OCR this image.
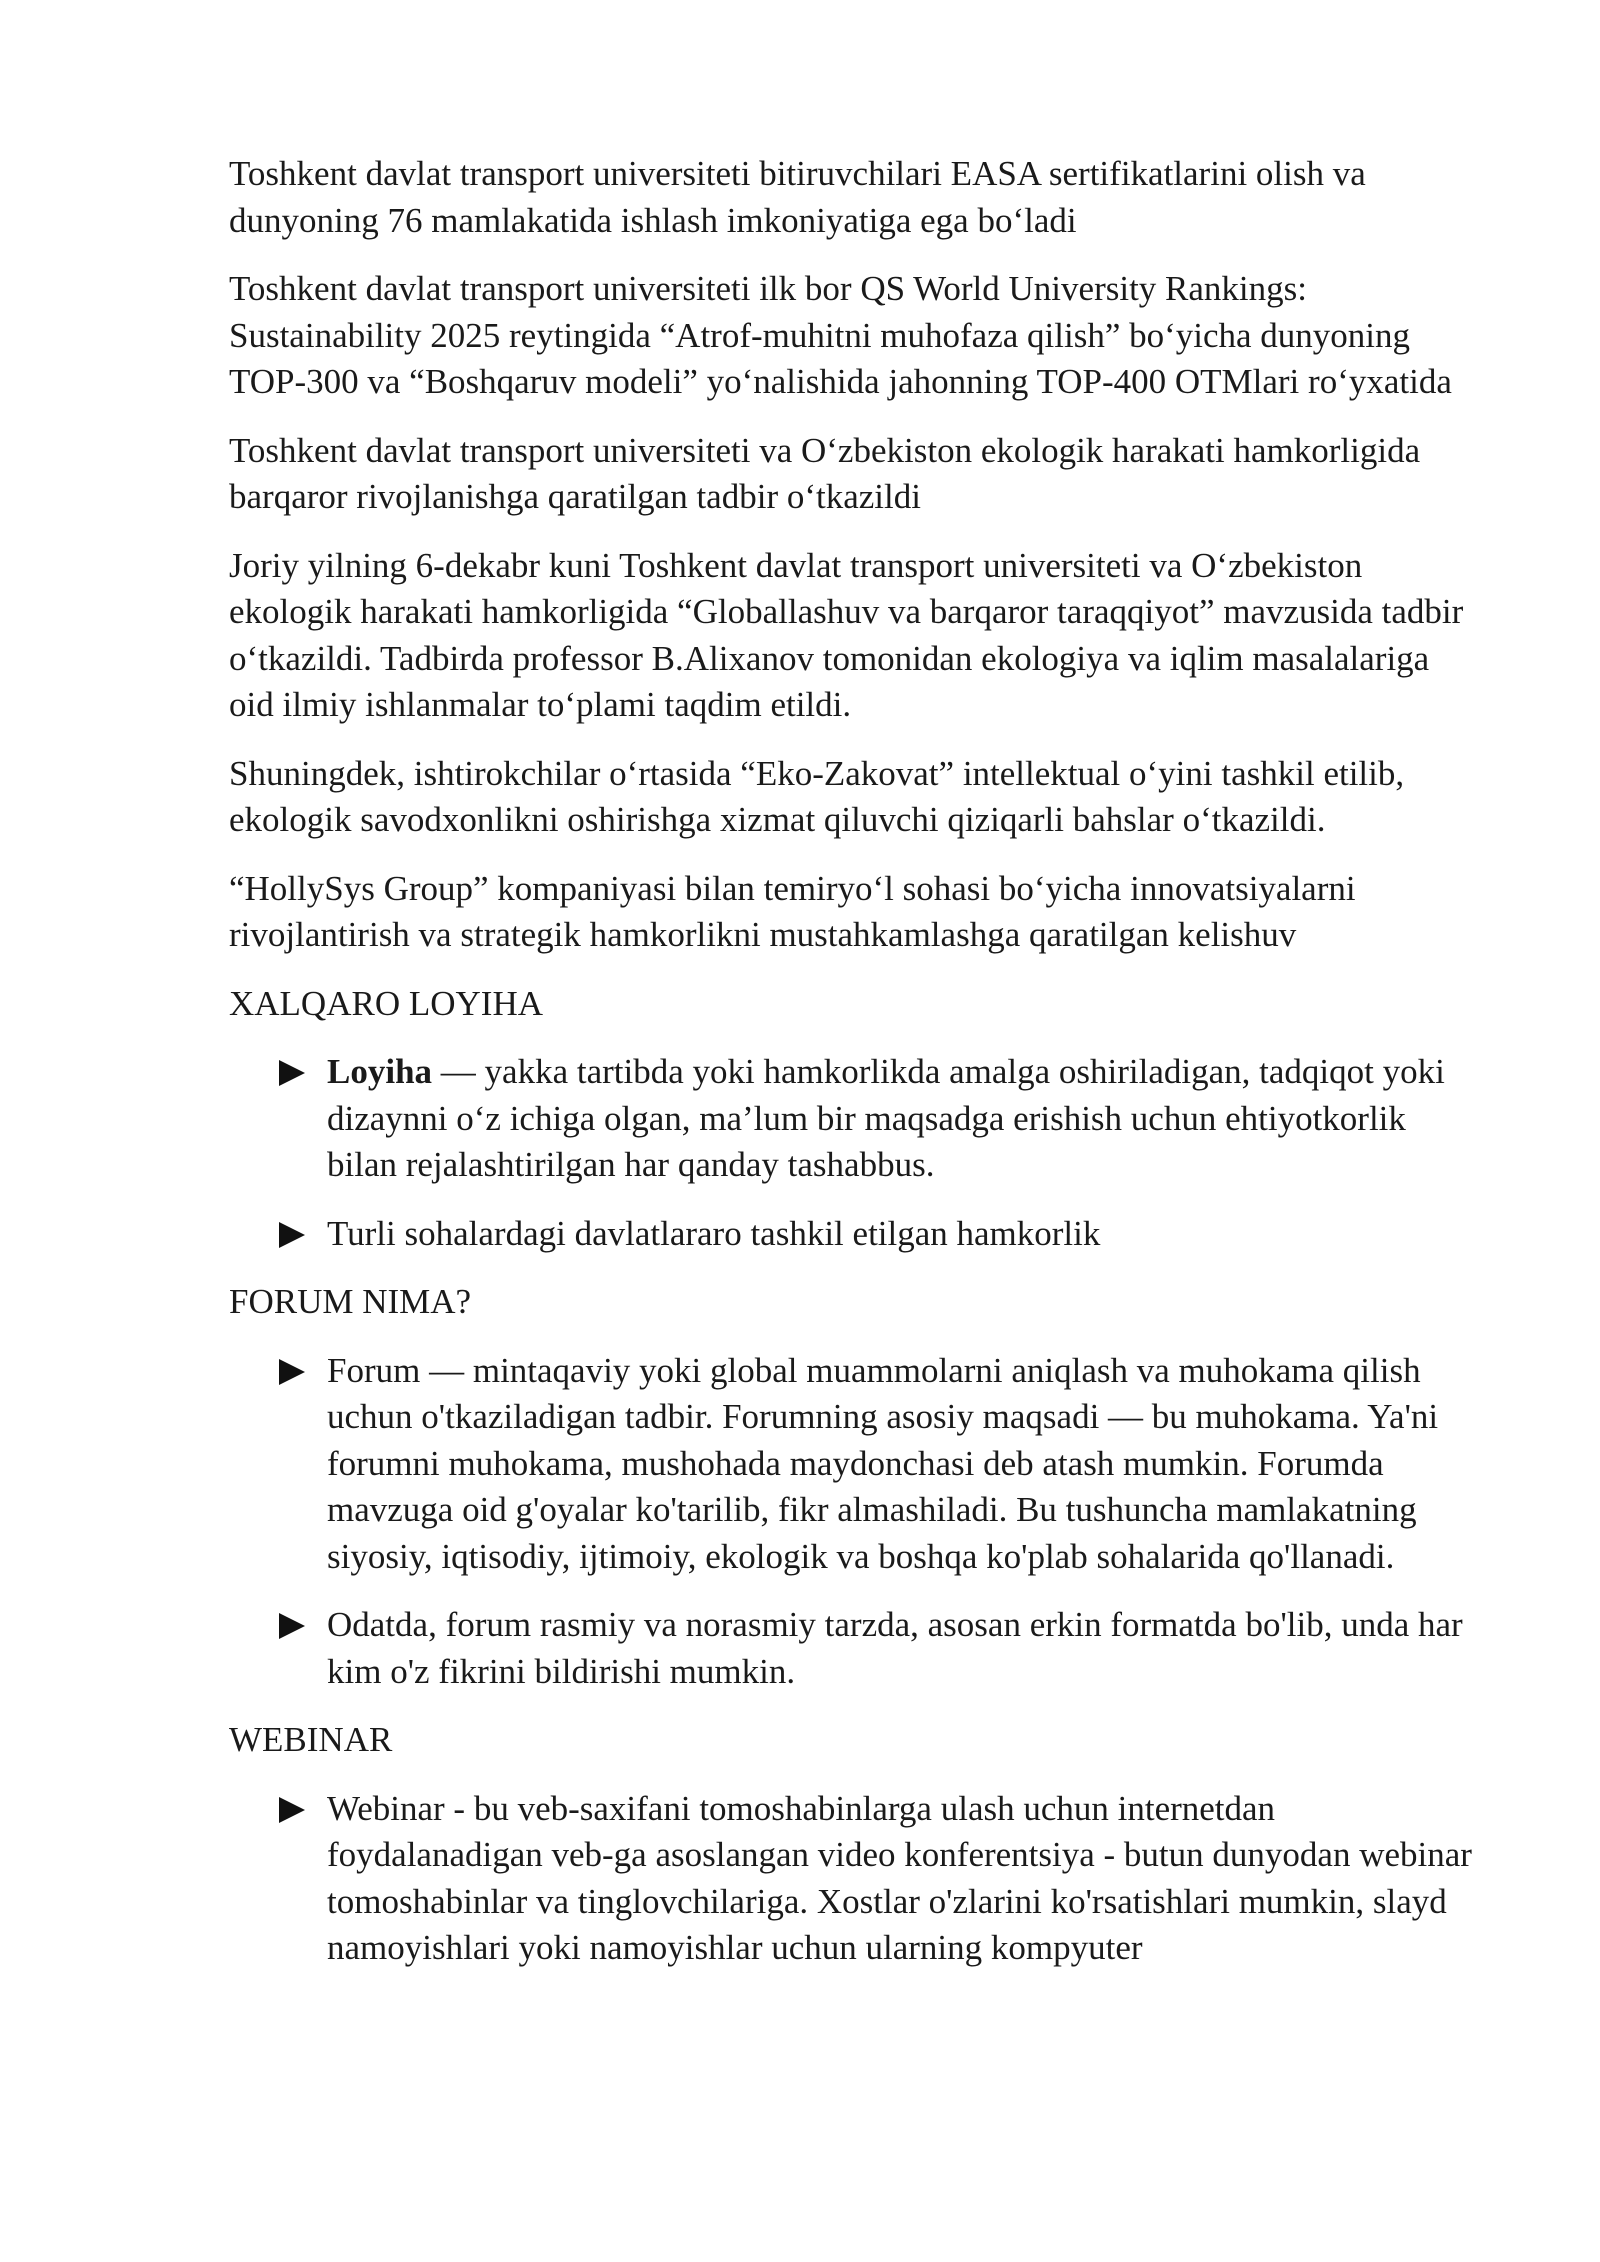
Toshkent davlat transport universiteti bitiruvchilari EASA sertifikatlarini olish va dunyoning 76 mamlakatida ishlash imkoniyatiga ega bo‘ladi

Toshkent davlat transport universiteti ilk bor QS World University Rankings: Sustainability 2025 reytingida “Atrof-muhitni muhofaza qilish” bo‘yicha dunyoning TOP-300 va “Boshqaruv modeli” yo‘nalishida jahonning TOP-400 OTMlari ro‘yxatida

Toshkent davlat transport universiteti va O‘zbekiston ekologik harakati hamkorligida barqaror rivojlanishga qaratilgan tadbir o‘tkazildi

Joriy yilning 6-dekabr kuni Toshkent davlat transport universiteti va O‘zbekiston ekologik harakati hamkorligida “Globallashuv va barqaror taraqqiyot” mavzusida tadbir o‘tkazildi. Tadbirda professor B.Alixanov tomonidan ekologiya va iqlim masalalariga oid ilmiy ishlanmalar to‘plami taqdim etildi.

Shuningdek, ishtirokchilar o‘rtasida “Eko-Zakovat” intellektual o‘yini tashkil etilib, ekologik savodxonlikni oshirishga xizmat qiluvchi qiziqarli bahslar o‘tkazildi.

“HollySys Group” kompaniyasi bilan temiryo‘l sohasi bo‘yicha innovatsiyalarni rivojlantirish va strategik hamkorlikni mustahkamlashga qaratilgan kelishuv

XALQARO LOYIHA

Loyiha — yakka tartibda yoki hamkorlikda amalga oshiriladigan, tadqiqot yoki dizaynni o‘z ichiga olgan, ma’lum bir maqsadga erishish uchun ehtiyotkorlik bilan rejalashtirilgan har qanday tashabbus.
Turli sohalardagi davlatlararo tashkil etilgan hamkorlik

FORUM NIMA?

Forum — mintaqaviy yoki global muammolarni aniqlash va muhokama qilish uchun o'tkaziladigan tadbir. Forumning asosiy maqsadi — bu muhokama. Ya'ni forumni muhokama, mushohada maydonchasi deb atash mumkin. Forumda mavzuga oid g'oyalar ko'tarilib, fikr almashiladi. Bu tushuncha mamlakatning siyosiy, iqtisodiy, ijtimoiy, ekologik va boshqa ko'plab sohalarida qo'llanadi.
Odatda, forum rasmiy va norasmiy tarzda, asosan erkin formatda bo'lib, unda har kim o'z fikrini bildirishi mumkin.

WEBINAR

Webinar - bu veb-saxifani tomoshabinlarga ulash uchun internetdan foydalanadigan veb-ga asoslangan video konferentsiya - butun dunyodan webinar tomoshabinlar va tinglovchilariga. Xostlar o'zlarini ko'rsatishlari mumkin, slayd namoyishlari yoki namoyishlar uchun ularning kompyuter
